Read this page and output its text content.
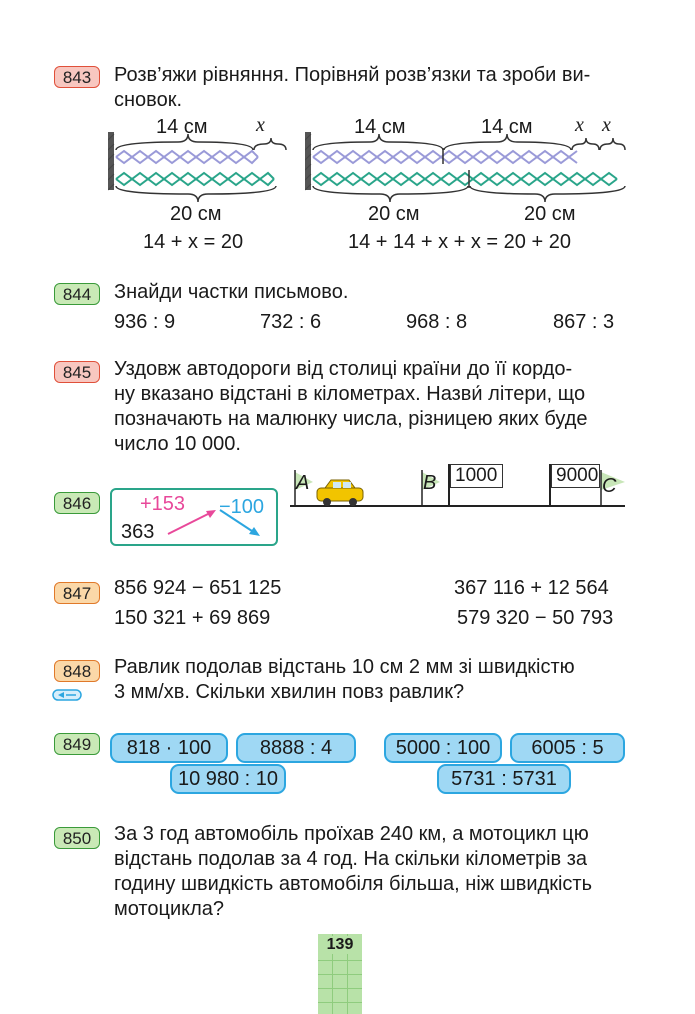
843	Розв’яжи рівняння. Порівняй розв’язки та зроби ви-
сновок.
14 см x
20 см
14 + x = 20
14 см	14 см x x
20 см	20 см
14 + 14 + x + x = 20 + 20
844	Знайди частки письмово.
936 : 9	732 : 6	968 : 8	867 : 3
845	Уздовж автодороги від столиці країни до її кордо-
ну вказано відстані в кілометрах. Назви́ літери, що
позначають на малюнку числа, різницею яких буде
число 10 000.
A	B	C
1000	9000
846
363
+153 −100
847	856 924 − 651 125	367 116 + 12 564
150 321 + 69 869	579 320 − 50 793
848	Равлик подолав відстань 10 см 2 мм зі швидкістю
3 мм/хв. Скільки хвилин повз равлик?
849	818 · 100	8888 : 4
10 980 : 10
5000 : 100	6005 : 5
5731 : 5731
850	За 3 год автомобіль проїхав 240 км, а мотоцикл цю
відстань подолав за 4 год. На скільки кілометрів за
годину швидкість автомобіля більша, ніж швидкість
мотоцикла?
139
